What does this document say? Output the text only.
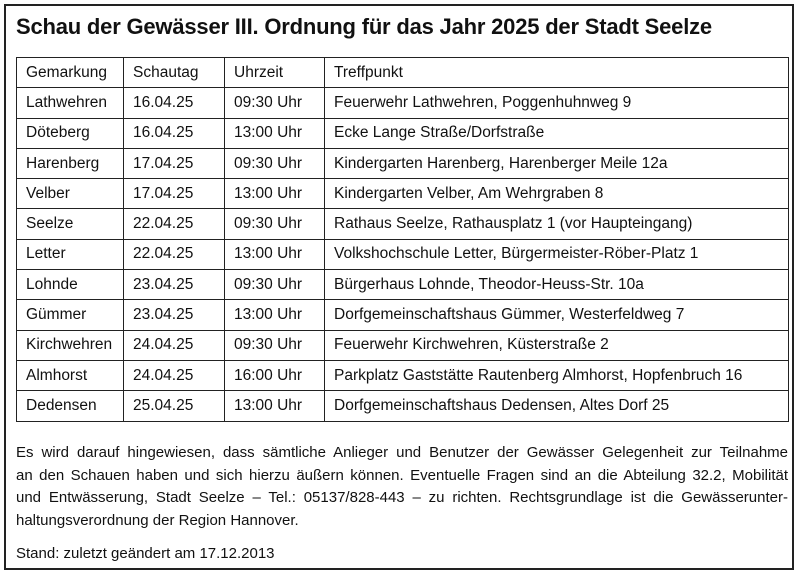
Schau der Gewässer III. Ordnung für das Jahr 2025 der Stadt Seelze
Gemarkung	Schautag	Uhrzeit	Treffpunkt
Lathwehren	16.04.25	09:30 Uhr	Feuerwehr Lathwehren, Poggenhuhnweg 9
Döteberg	16.04.25	13:00 Uhr	Ecke Lange Straße/Dorfstraße
Harenberg	17.04.25	09:30 Uhr	Kindergarten Harenberg, Harenberger Meile 12a
Velber	17.04.25	13:00 Uhr	Kindergarten Velber, Am Wehrgraben 8
Seelze	22.04.25	09:30 Uhr	Rathaus Seelze, Rathausplatz 1 (vor Haupteingang)
Letter	22.04.25	13:00 Uhr	Volkshochschule Letter, Bürgermeister-Röber-Platz 1
Lohnde	23.04.25	09:30 Uhr	Bürgerhaus Lohnde, Theodor-Heuss-Str. 10a
Gümmer	23.04.25	13:00 Uhr	Dorfgemeinschaftshaus Gümmer, Westerfeldweg 7
Kirchwehren	24.04.25	09:30 Uhr	Feuerwehr Kirchwehren, Küsterstraße 2
Almhorst	24.04.25	16:00 Uhr	Parkplatz Gaststätte Rautenberg Almhorst, Hopfenbruch 16
Dedensen	25.04.25	13:00 Uhr	Dorfgemeinschaftshaus Dedensen, Altes Dorf 25
Es wird darauf hingewiesen, dass sämtliche Anlieger und Benutzer der Gewässer Gelegenheit zur Teilnahme
an den Schauen haben und sich hierzu äußern können. Eventuelle Fragen sind an die Abteilung 32.2, Mobilität
und Entwässerung, Stadt Seelze – Tel.: 05137/828-443 – zu richten. Rechtsgrundlage ist die Gewässerunter-
haltungsverordnung der Region Hannover.
Stand: zuletzt geändert am 17.12.2013
